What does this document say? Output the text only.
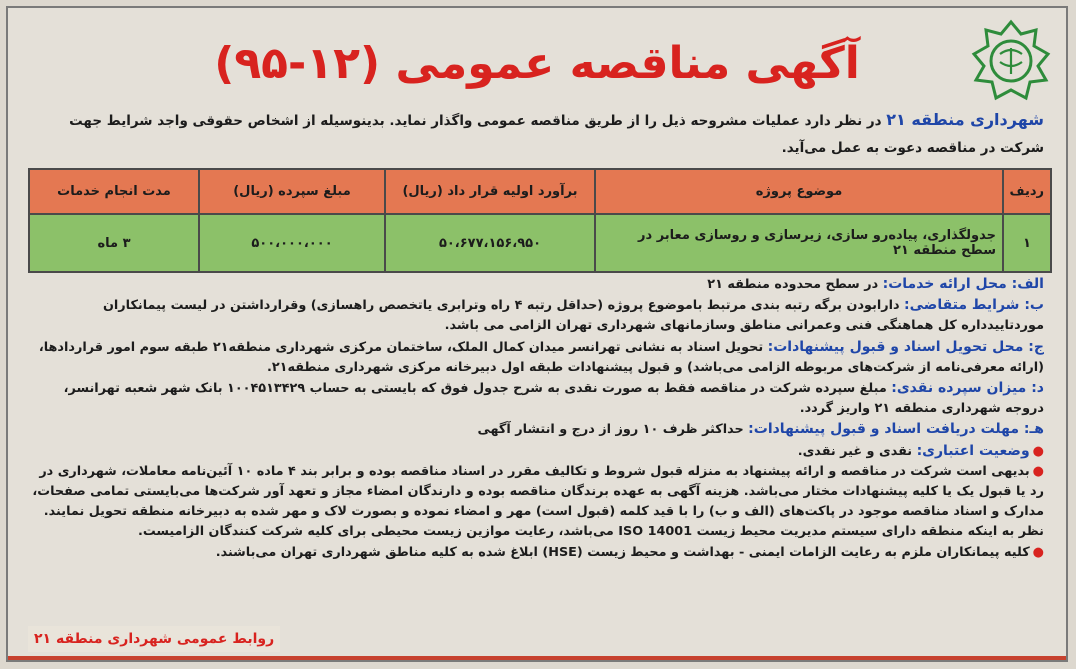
آگهی مناقصه عمومی (۱۲-۹۵)
شهرداری منطقه ۲۱ در نظر دارد عملیات مشروحه ذیل را از طریق مناقصه عمومی واگذار نماید. بدینوسیله از اشخاص حقوقی واجد شرایط جهت شرکت در مناقصه دعوت به عمل می‌آید.
ردیف	موضوع پروژه	برآورد اولیه قرار داد (ریال)	مبلغ سپرده (ریال)	مدت انجام خدمات
۱	جدولگذاری، پیاده‌رو سازی، زیرسازی و روسازی معابر در سطح منطقه ۲۱	۵۰،۶۷۷،۱۵۶،۹۵۰	۵۰۰،۰۰۰،۰۰۰	۳ ماه

الف: محل ارائه خدمات: در سطح محدوده منطقه ۲۱

ب: شرایط متقاضی: دارابودن برگه رتبه بندی مرتبط باموضوع پروژه (حداقل رتبه ۴ راه وترابری یاتخصص راهسازی) وقرارداشتن در لیست پیمانکاران موردتاییدداره کل هماهنگی فنی وعمرانی مناطق وسازمانهای شهرداری تهران الزامی می باشد.

ج: محل تحویل اسناد و قبول پیشنهادات: تحویل اسناد به نشانی تهرانسر میدان کمال الملک، ساختمان مرکزی شهرداری منطقه۲۱ طبقه سوم امور قراردادها، (ارائه معرفی‌نامه از شرکت‌های مربوطه الزامی می‌باشد) و قبول پیشنهادات طبقه اول دبیرخانه مرکزی شهرداری منطقه۲۱.

د: میزان سپرده نقدی: مبلغ سپرده شرکت در مناقصه فقط به صورت نقدی به شرح جدول فوق که بایستی به حساب ۱۰۰۴۵۱۳۴۲۹ بانک شهر شعبه تهرانسر، دروجه شهرداری منطقه ۲۱ واریز گردد.

هـ: مهلت دریافت اسناد و قبول پیشنهادات: حداکثر ظرف ۱۰ روز از درج و انتشار آگهی

●وضعیت اعتباری: نقدی و غیر نقدی.

●بدیهی است شرکت در مناقصه و ارائه پیشنهاد به منزله قبول شروط و تکالیف مقرر در اسناد مناقصه بوده و برابر بند ۴ ماده ۱۰ آئین‌نامه معاملات، شهرداری در رد یا قبول یک یا کلیه پیشنهادات مختار می‌باشد. هزینه آگهی به عهده برندگان مناقصه بوده و دارندگان امضاء مجاز و تعهد آور شرکت‌ها می‌بایستی تمامی صفحات، مدارک و اسناد مناقصه موجود در پاکت‌های (الف و ب) را با قید کلمه (قبول است) مهر و امضاء نموده و بصورت لاک و مهر شده به دبیرخانه منطقه تحویل نمایند. نظر به اینکه منطقه دارای سیستم مدیریت محیط زیست ISO 14001 می‌باشد، رعایت موازین زیست محیطی برای کلیه شرکت کنندگان الزامیست.

●کلیه پیمانکاران ملزم به رعایت الزامات ایمنی - بهداشت و محیط زیست (HSE) ابلاغ شده به کلیه مناطق شهرداری تهران می‌باشند.

روابط عمومی شهرداری منطقه ۲۱
